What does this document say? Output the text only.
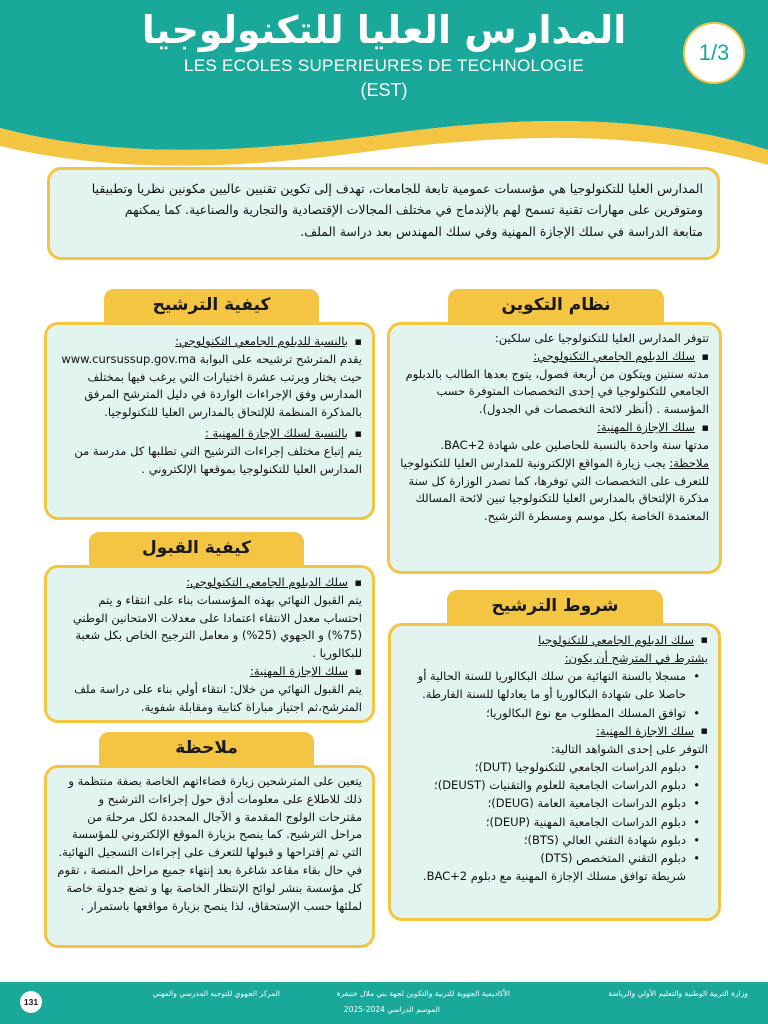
المدارس العليا للتكنولوجيا
LES ECOLES SUPERIEURES DE TECHNOLOGIE
(EST)
1/3
المدارس العليا للتكنولوجيا هي مؤسسات عمومية تابعة للجامعات، تهدف إلى تكوين تقنيين عاليين مكونين نظريا وتطبيقيا
ومتوفرين على مهارات تقنية تسمح لهم بالإندماج في مختلف المجالات الإقتصادية والتجارية والصناعية. كما يمكنهم
متابعة الدراسة في سلك الإجازة المهنية وفي سلك المهندس بعد دراسة الملف.
نظام التكوين
تتوفر المدارس العليا للتكنولوجيا على سلكين:
▪ سلك الدبلوم الجامعي التكنولوجي:
مدته سنتين ويتكون من أربعة فصول، يتوج بعدها الطالب بالدبلوم الجامعي للتكنولوجيا في إحدى التخصصات المتوفرة حسب المؤسسة . (أنظر لائحة التخصصات في الجدول).
▪ سلك الإجازة المهنية:
مدتها سنة واحدة بالنسبة للحاصلين على شهادة BAC+2.
ملاحظة: يجب زيارة المواقع الإلكترونية للمدارس العليا للتكنولوجيا للتعرف على التخصصات التي توفرها، كما تصدر الوزارة كل سنة مذكرة الإلتحاق بالمدارس العليا للتكنولوجيا تبين لائحة المسالك المعتمدة الخاصة بكل موسم ومسطرة الترشيح.
كيفية الترشيح
▪ بالنسبة للدبلوم الجامعي التكنولوجي:
يقدم المترشح ترشيحه على البوابة www.cursussup.gov.ma حيث يختار ويرتب عشرة اختيارات التي يرغب فيها بمختلف المدارس وفق الإجراءات الواردة في دليل المترشح المرفق بالمذكرة المنظمة للإلتحاق بالمدارس العليا للتكنولوجيا.
▪ بالنسبة لسلك الإجازة المهنية :
يتم إتباع مختلف إجراءات الترشيح التي تطلبها كل مدرسة من المدارس العليا للتكنولوجيا بموقعها الإلكتروني .
كيفية القبول
▪ سلك الدبلوم الجامعي التكنولوجي:
يتم القبول النهائي بهذه المؤسسات بناء على انتقاء و يتم احتساب معدل الانتقاء اعتمادا على معدلات الامتحانين الوطني (75%) و الجهوي (25%) و معامل الترجيح الخاص بكل شعبة للبكالوريا .
▪ سلك الإجازة المهنية:
يتم القبول النهائي من خلال: انتقاء أولي بناء على دراسة ملف المترشح،ثم اجتياز مباراة كتابية ومقابلة شفوية.
شروط الترشيح
▪ سلك الدبلوم الجامعي للتكنولوجيا
يشترط في المترشح أن يكون:
• مسجلا بالسنة النهائية من سلك البكالوريا للسنة الحالية أو حاصلا على شهادة البكالوريا أو ما يعادلها للسنة الفارطة.
• توافق المسلك المطلوب مع نوع البكالوريا؛
▪ سلك الاجازة المهنية:
التوفر على إحدى الشواهد التالية:
• دبلوم الدراسات الجامعي للتكنولوجيا (DUT)؛
• دبلوم الدراسات الجامعية للعلوم والتقنيات (DEUST)؛
• دبلوم الدراسات الجامعية العامة (DEUG)؛
• دبلوم الدراسات الجامعية المهنية (DEUP)؛
• دبلوم شهادة التقني العالي (BTS)؛
• دبلوم التقني المتخصص (DTS)
شريطة توافق مسلك الإجازة المهنية مع دبلوم BAC+2.
ملاحظة
يتعين على المترشحين زيارة فضاءاتهم الخاصة بصفة منتظمة و ذلك للاطلاع على معلومات أدق حول إجراءات الترشيح و مقترحات الولوج المقدمة و الآجال المحددة لكل مرحلة من مراحل الترشيح. كما ينصح بزيارة الموقع الإلكتروني للمؤسسة التي تم إقتراحها و قبولها للتعرف على إجراءات التسجيل النهائية. في حال بقاء مقاعد شاغرة بعد إنتهاء جميع مراحل المنصة ، تقوم كل مؤسسة بنشر لوائح الإنتظار الخاصة بها و تضع جدولة خاصة لملئها حسب الإستحقاق، لذا ينصح بزيارة مواقعها باستمرار .
131
وزارة التربية الوطنية والتعليم الأولي والرياضة
الأكاديمية الجهوية للتربية والتكوين لجهة بني ملال خنيفرة
المركز الجهوي للتوجيه المدرسي والمهني
الموسم الدراسي 2024-2025
